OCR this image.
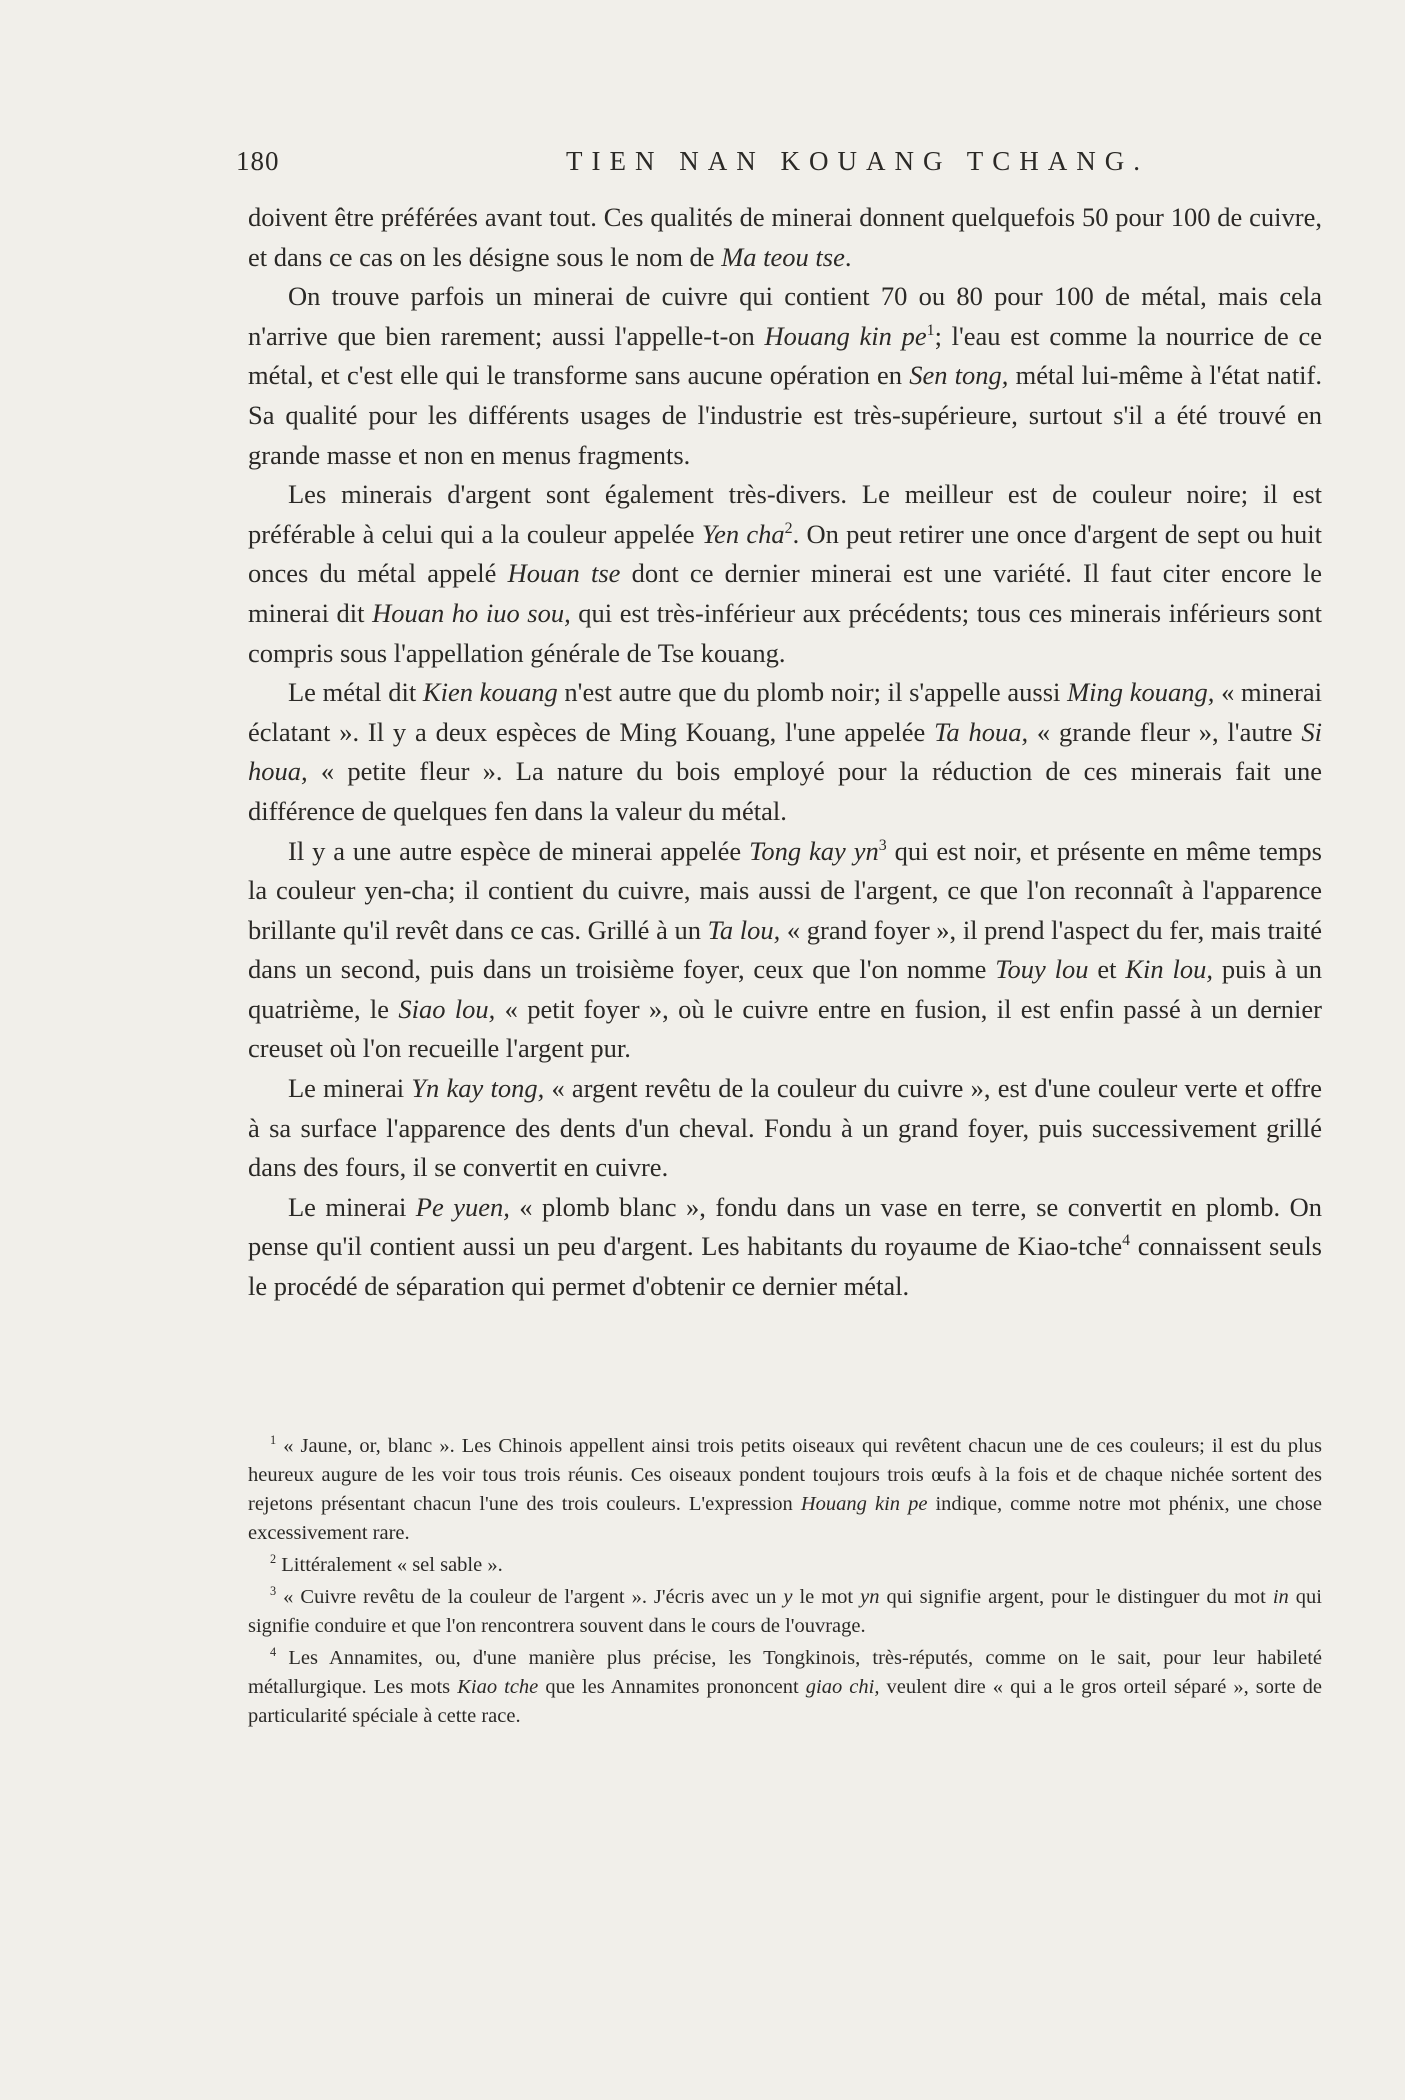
180	TIEN NAN KOUANG TCHANG.

doivent être préférées avant tout. Ces qualités de minerai donnent quelquefois 50 pour 100 de cuivre, et dans ce cas on les désigne sous le nom de Ma teou tse.

On trouve parfois un minerai de cuivre qui contient 70 ou 80 pour 100 de métal, mais cela n'arrive que bien rarement; aussi l'appelle-t-on Houang kin $pe^1$; l'eau est comme la nourrice de ce métal, et c'est elle qui le transforme sans aucune opération en Sen tong, métal lui-même à l'état natif. Sa qualité pour les différents usages de l'industrie est très-supérieure, surtout s'il a été trouvé en grande masse et non en menus fragments.

Les minerais d'argent sont également très-divers. Le meilleur est de couleur noire; il est préférable à celui qui a la couleur appelée Yen cha$^2$. On peut retirer une once d'argent de sept ou huit onces du métal appelé Houan tse dont ce dernier minerai est une variété. Il faut citer encore le minerai dit Houan ho iuo sou, qui est très-inférieur aux précédents; tous ces minerais inférieurs sont compris sous l'appellation générale de Tse kouang.

Le métal dit Kien kouang n'est autre que du plomb noir; il s'appelle aussi Ming kouang, « minerai éclatant ». Il y a deux espèces de Ming Kouang, l'une appelée Ta houa, « grande fleur », l'autre Si houa, « petite fleur ». La nature du bois employé pour la réduction de ces minerais fait une différence de quelques fen dans la valeur du métal.

Il y a une autre espèce de minerai appelée Tong kay $yn^3$ qui est noir, et présente en même temps la couleur yen-cha; il contient du cuivre, mais aussi de l'argent, ce que l'on reconnaît à l'apparence brillante qu'il revêt dans ce cas. Grillé à un Ta lou, « grand foyer », il prend l'aspect du fer, mais traité dans un second, puis dans un troisième foyer, ceux que l'on nomme Touy lou et Kin lou, puis à un quatrième, le Siao lou, « petit foyer », où le cuivre entre en fusion, il est enfin passé à un dernier creuset où l'on recueille l'argent pur.

Le minerai Yn kay tong, « argent revêtu de la couleur du cuivre », est d'une couleur verte et offre à sa surface l'apparence des dents d'un cheval. Fondu à un grand foyer, puis successivement grillé dans des fours, il se convertit en cuivre.

Le minerai Pe yuen, « plomb blanc », fondu dans un vase en terre, se convertit en plomb. On pense qu'il contient aussi un peu d'argent. Les habitants du royaume de Kiao-tche$^4$ connaissent seuls le procédé de séparation qui permet d'obtenir ce dernier métal.

$^1$ « Jaune, or, blanc ». Les Chinois appellent ainsi trois petits oiseaux qui revêtent chacun une de ces couleurs; il est du plus heureux augure de les voir tous trois réunis. Ces oiseaux pondent toujours trois œufs à la fois et de chaque nichée sortent des rejetons présentant chacun l'une des trois couleurs. L'expression Houang kin pe indique, comme notre mot phénix, une chose excessivement rare.

$^2$ Littéralement « sel sable ».

$^3$ « Cuivre revêtu de la couleur de l'argent ». J'écris avec un y le mot yn qui signifie argent, pour le distinguer du mot in qui signifie conduire et que l'on rencontrera souvent dans le cours de l'ouvrage.

$^4$ Les Annamites, ou, d'une manière plus précise, les Tongkinois, très-réputés, comme on le sait, pour leur habileté métallurgique. Les mots Kiao tche que les Annamites prononcent giao chi, veulent dire « qui a le gros orteil séparé », sorte de particularité spéciale à cette race.
